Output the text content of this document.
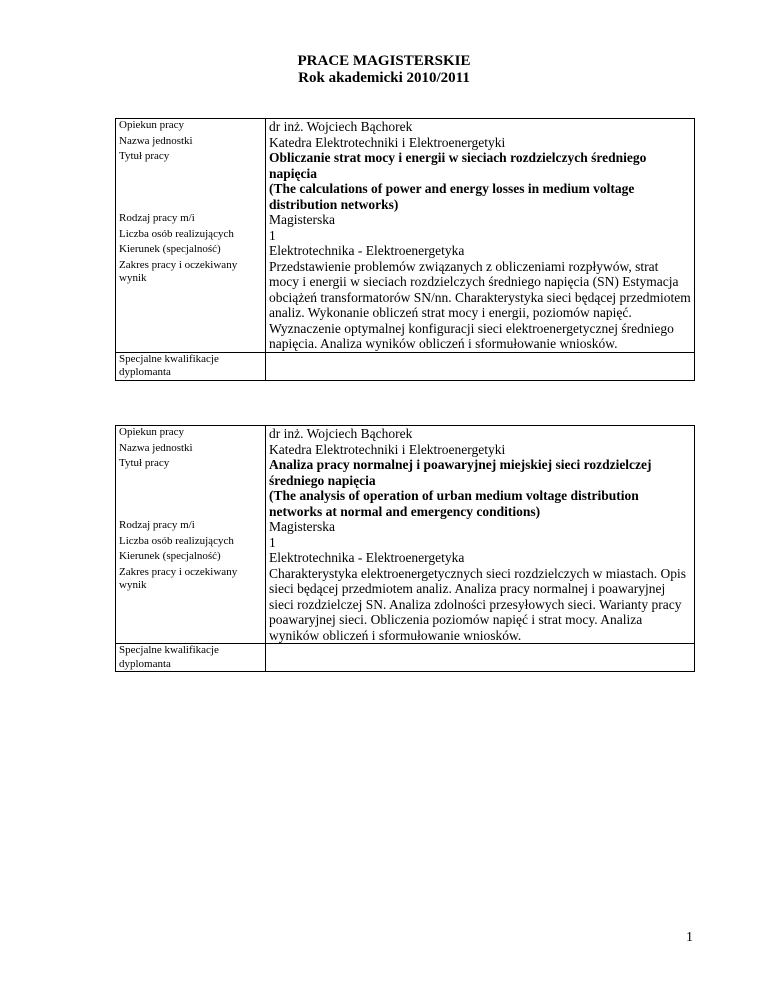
PRACE MAGISTERSKIE
Rok akademicki 2010/2011
Opiekun pracy	dr inż. Wojciech Bąchorek
Nazwa jednostki	Katedra Elektrotechniki i Elektroenergetyki
Tytuł pracy	Obliczanie strat mocy i energii w sieciach rozdzielczych średniego napięcia
(The calculations of power and energy losses in medium voltage distribution networks)

Rodzaj pracy m/i	Magisterska
Liczba osób realizujących	1
Kierunek (specjalność)	Elektrotechnika - Elektroenergetyka

Zakres pracy i oczekiwany
wynik	Przedstawienie problemów związanych z obliczeniami rozpływów, strat mocy i energii w sieciach rozdzielczych średniego napięcia (SN) Estymacja obciążeń transformatorów SN/nn. Charakterystyka sieci będącej przedmiotem analiz. Wykonanie obliczeń strat mocy i energii, poziomów napięć. Wyznaczenie optymalnej konfiguracji sieci elektroenergetycznej średniego napięcia. Analiza wyników obliczeń i sformułowanie wniosków.

Specjalne kwalifikacje
dyplomanta	

Opiekun pracy	dr inż. Wojciech Bąchorek
Nazwa jednostki	Katedra Elektrotechniki i Elektroenergetyki
Tytuł pracy	Analiza pracy normalnej i poawaryjnej miejskiej sieci rozdzielczej średniego napięcia
(The analysis of operation of urban medium voltage distribution networks at normal and emergency conditions)

Rodzaj pracy m/i	Magisterska
Liczba osób realizujących	1
Kierunek (specjalność)	Elektrotechnika - Elektroenergetyka

Zakres pracy i oczekiwany
wynik	Charakterystyka elektroenergetycznych sieci rozdzielczych w miastach. Opis sieci będącej przedmiotem analiz. Analiza pracy normalnej i poawaryjnej sieci rozdzielczej SN. Analiza zdolności przesyłowych sieci. Warianty pracy poawaryjnej sieci. Obliczenia poziomów napięć i strat mocy. Analiza wyników obliczeń i sformułowanie wniosków.

Specjalne kwalifikacje
dyplomanta	

1
